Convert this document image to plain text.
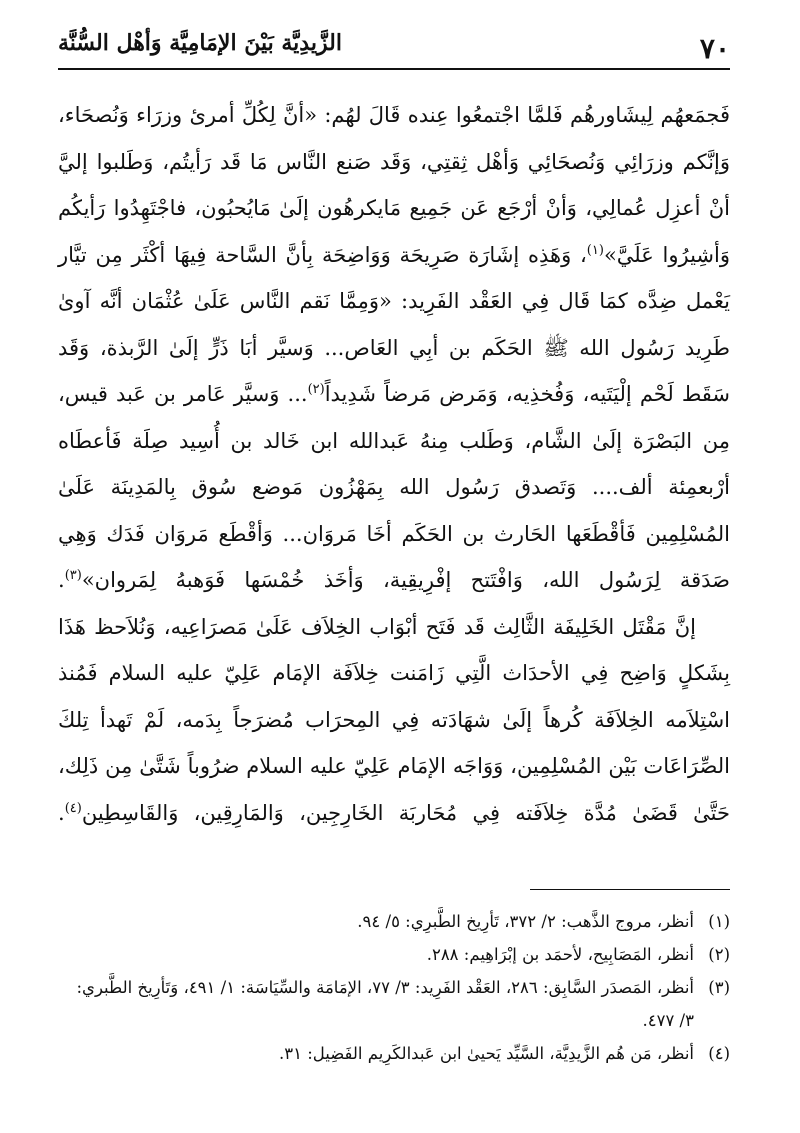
٧٠
الزَّيدِيَّة بَيْنَ الإمَامِيَّة وَأهْل السُّنَّة

فَجمَعهُم لِيشَاورهُم فَلمَّا اجْتمعُوا عِنده قَالَ لهُم: «أنَّ لِكُلِّ أمرئ وزرَاء وَنُصحَاء، وَإنَّكم وزرَائِي وَنُصحَائِي وَأهْل ثِقتِي، وَقَد صَنع النَّاس مَا قَد رَأيتُم، وَطَلبوا إليَّ أنْ أعزِل عُمالِي، وَأنْ أرْجَع عَن جَمِيع مَايكرهُون إلَىٰ مَايُحبُون، فاجْتَهِدُوا رَأيكُم وَأشِيرُوا عَلَيَّ»$^{(١)}$، وَهَذِه إشَارَة صَرِيحَة وَوَاضِحَة بِأنَّ السَّاحة فِيهَا أكْثَر مِن تيَّار يَعْمل ضِدَّه كمَا قَال فِي العَقْد الفَرِيد: «وَمِمَّا نَقم النَّاس عَلَىٰ عُثْمَان أنَّه آوىٰ طَرِيد رَسُول الله ﷺ الحَكَم بن أبِي العَاص... وَسيَّر أبَا ذَرٍّ إلَىٰ الرَّبذة، وَقَد سَقَط لَحْم إلْيَتَيه، وَفُخذِيه، وَمَرض مَرضاً شَدِيداً$^{(٢)}$... وَسيَّر عَامر بن عَبد قيس، مِن البَصْرَة إلَىٰ الشَّام، وَطَلب مِنهُ عَبدالله ابن خَالد بن أُسِيد صِلَة فَأعطَاه أرْبعمِئة ألف.... وَتَصدق رَسُول الله بِمَهْزُون مَوضع سُوق بِالمَدِينَة عَلَىٰ المُسْلِمِين فَأقْطَعَها الحَارث بن الحَكَم أخَا مَروَان... وَأقْطَع مَروَان فَدَك وَهِي صَدَقة لِرَسُول الله، وَافْتَتح إفْرِيقِية، وَأخَذ خُمْسَها فَوَهبهُ لِمَروان»$^{(٣)}$.

إنَّ مَقْتَل الخَلِيفَة الثَّالِث قَد فَتَح أبْوَاب الخِلاَف عَلَىٰ مَصرَاعِيه، وَنُلاَحظ هَذَا بِشَكلٍ وَاضِح فِي الأحدَاث الَّتِي زَامَنت خِلاَفَة الإمَام عَلِيّ عليه السلام فَمُنذ اسْتِلاَمه الخِلاَفَة كُرهاً إلَىٰ شهَادَته فِي المِحرَاب مُضرَجاً بِدَمه، لَمْ تَهدأ تِلكَ الصِّرَاعَات بَيْن المُسْلِمِين، وَوَاجَه الإمَام عَلِيّ عليه السلام ضرُوباً شَتَّىٰ مِن ذَلِك، حَتَّىٰ قَضَىٰ مُدَّة خِلاَفَته فِي مُحَاربَة الخَارِجِين، وَالمَارِقِين، وَالقَاسِطِين$^{(٤)}$.

(١)
أنظر، مروج الذَّهب: ٢/ ٣٧٢، تَأرِيخ الطَّبرِي: ٥/ ٩٤.
(٢)
أنظر، المَصَابِيح، لأحمَد بن إبْرَاهِيم: ٢٨٨.
(٣)
أنظر، المَصدَر السَّابِق: ٢٨٦، العَقْد الفَرِيد: ٣/ ٧٧، الإمَامَة والسِّيَاسَة: ١/ ٤٩١، وَتَأرِيخ الطَّبري: ٣/ ٤٧٧.
(٤)
أنظر، مَن هُم الزَّيدِيَّة، السَّيِّد يَحيىٰ ابن عَبدالكَرِيم الفَضِيل: ٣١.
